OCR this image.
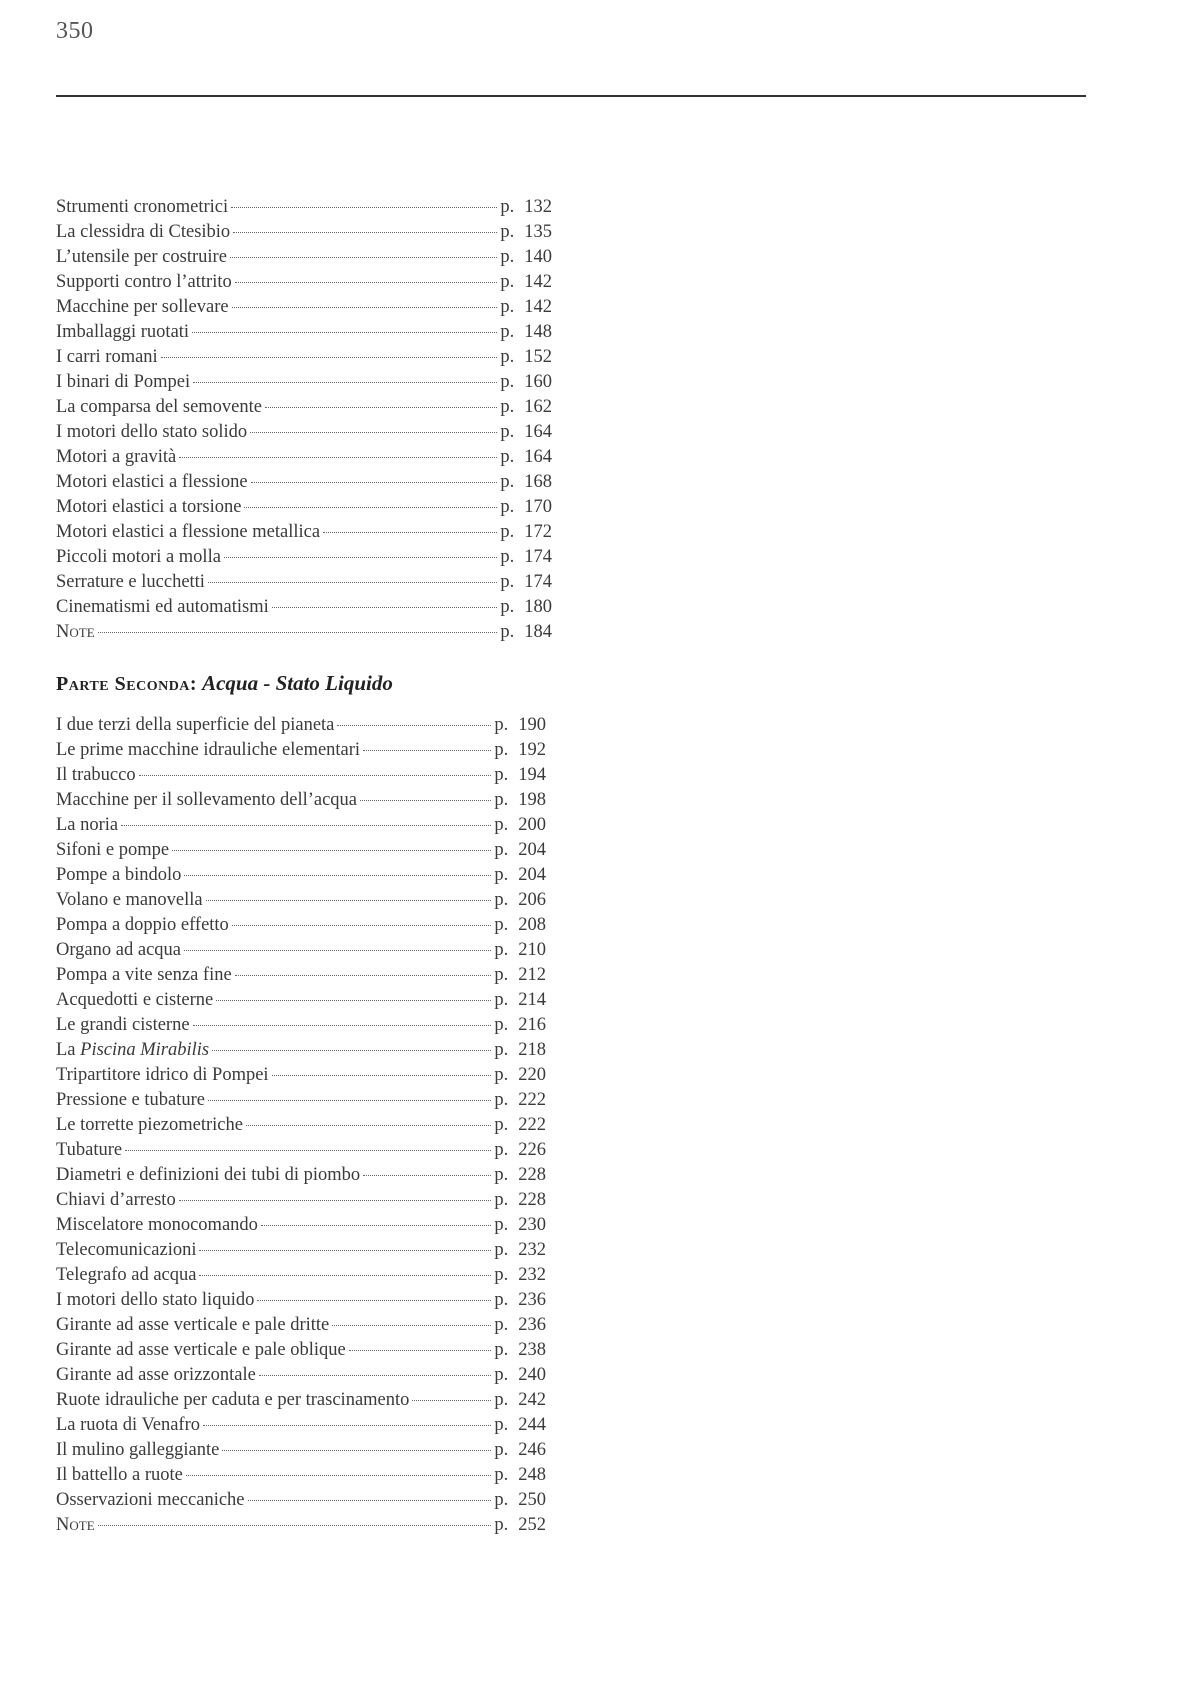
350
Strumenti cronometrici	p. 132
La clessidra di Ctesibio	p. 135
L’utensile per costruire	p. 140
Supporti contro l’attrito	p. 142
Macchine per sollevare	p. 142
Imballaggi ruotati	p. 148
I carri romani	p. 152
I binari di Pompei	p. 160
La comparsa del semovente	p. 162
I motori dello stato solido	p. 164
Motori a gravità	p. 164
Motori elastici a flessione	p. 168
Motori elastici a torsione	p. 170
Motori elastici a flessione metallica	p. 172
Piccoli motori a molla	p. 174
Serrature e lucchetti	p. 174
Cinematismi ed automatismi	p. 180
Note	p. 184
Parte Seconda: Acqua - Stato Liquido
I due terzi della superficie del pianeta	p. 190
Le prime macchine idrauliche elementari	p. 192
Il trabucco	p. 194
Macchine per il sollevamento dell’acqua	p. 198
La noria	p. 200
Sifoni e pompe	p. 204
Pompe a bindolo	p. 204
Volano e manovella	p. 206
Pompa a doppio effetto	p. 208
Organo ad acqua	p. 210
Pompa a vite senza fine	p. 212
Acquedotti e cisterne	p. 214
Le grandi cisterne	p. 216
La Piscina Mirabilis	p. 218
Tripartitore idrico di Pompei	p. 220
Pressione e tubature	p. 222
Le torrette piezometriche	p. 222
Tubature	p. 226
Diametri e definizioni dei tubi di piombo	p. 228
Chiavi d’arresto	p. 228
Miscelatore monocomando	p. 230
Telecomunicazioni	p. 232
Telegrafo ad acqua	p. 232
I motori dello stato liquido	p. 236
Girante ad asse verticale e pale dritte	p. 236
Girante ad asse verticale e pale oblique	p. 238
Girante ad asse orizzontale	p. 240
Ruote idrauliche per caduta e per trascinamento	p. 242
La ruota di Venafro	p. 244
Il mulino galleggiante	p. 246
Il battello a ruote	p. 248
Osservazioni meccaniche	p. 250
Note	p. 252
